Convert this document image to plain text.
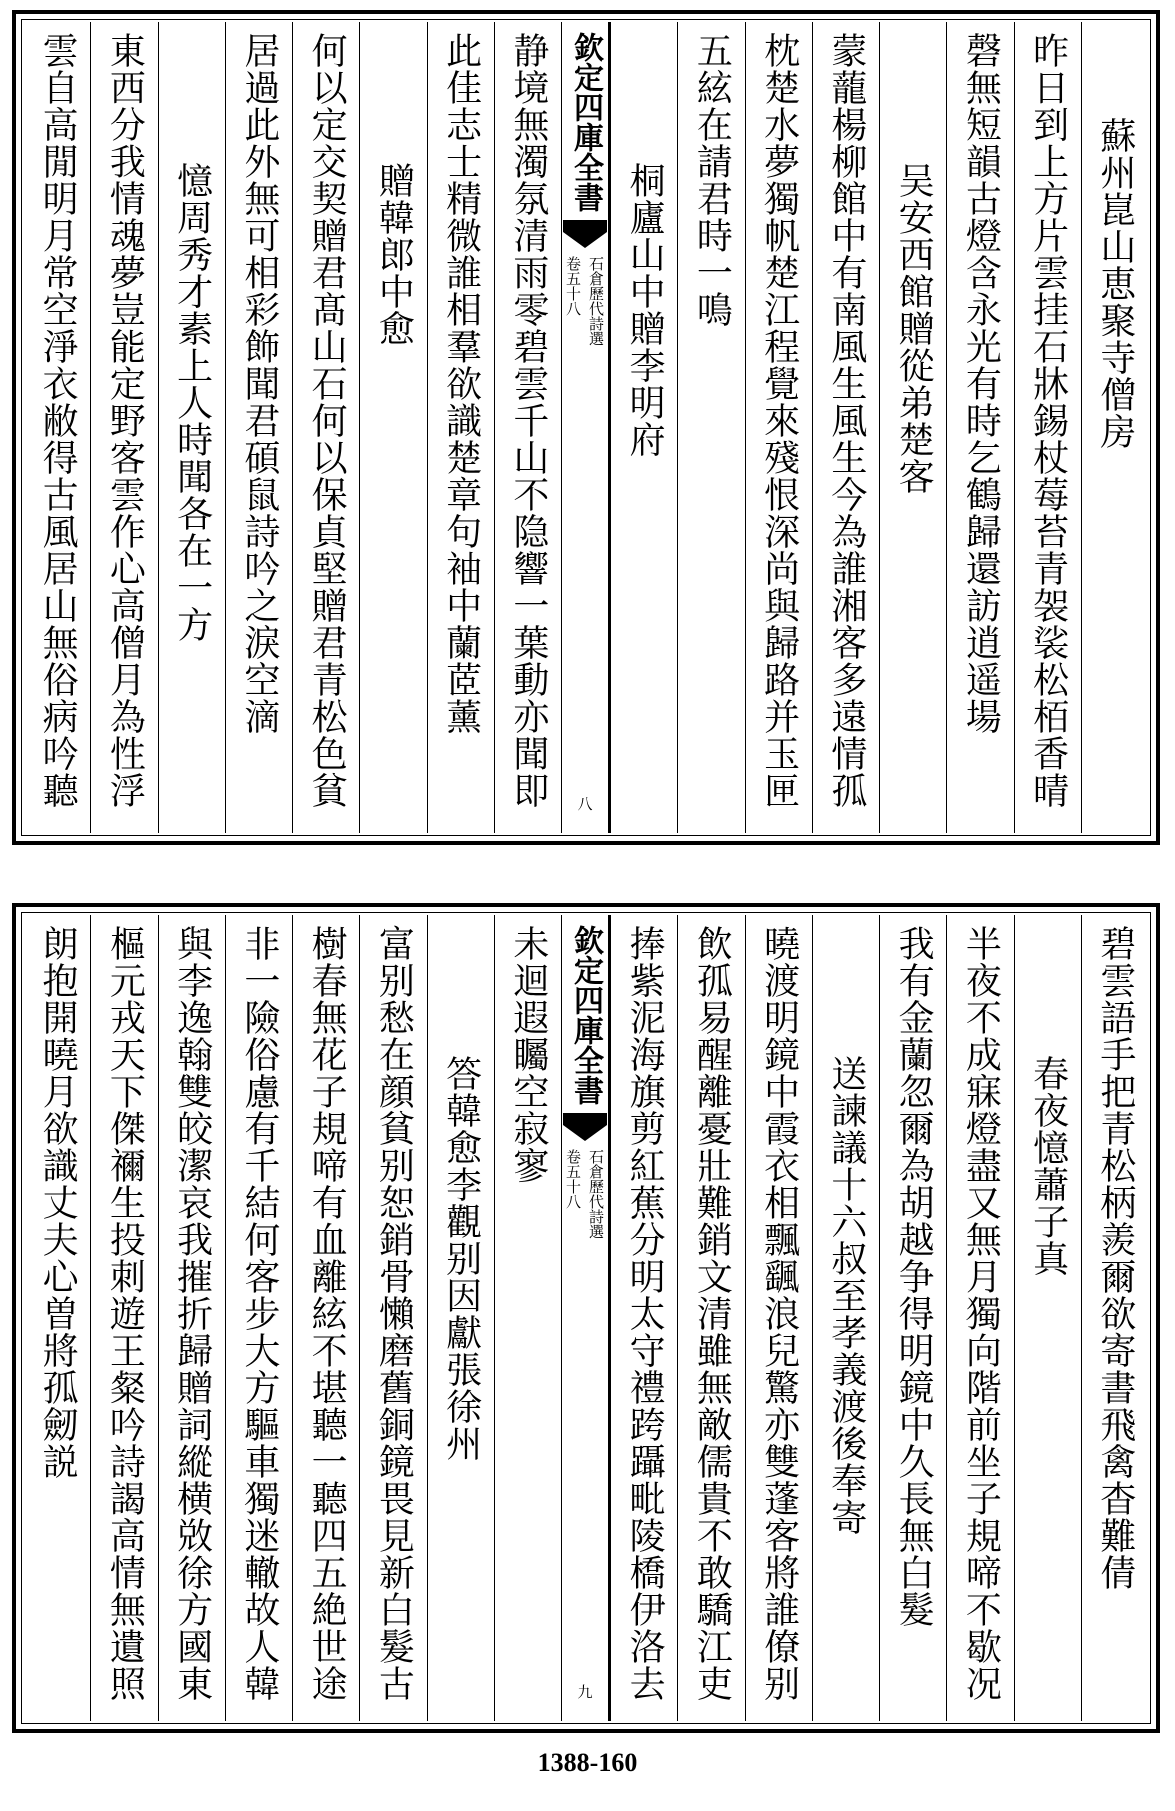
蘇州崑山恵聚寺僧房
昨日到上方片雲挂石牀錫杖莓苔青袈裟松栢香晴
磬無短韻古燈含永光有時乞鶴歸還訪逍遥場
吴安西館贈從弟楚客
蒙蘢楊柳館中有南風生風生今為誰湘客多遠情孤
枕楚水夢獨帆楚江程覺來殘恨深尚與歸路并玉匣
五絃在請君時一鳴
桐廬山中贈李明府
欽定四庫全書
石倉歷代詩選
卷五十八
八
静境無濁氛清雨零碧雲千山不隐響一葉動亦聞即
此佳志士精微誰相羣欲識楚章句袖中蘭茝薰
贈韓郎中愈
何以定交契贈君髙山石何以保貞堅贈君青松色貧
居過此外無可相彩飾聞君碩鼠詩吟之淚空滴
憶周秀才素上人時聞各在一方
東西分我情魂夢豈能定野客雲作心高僧月為性浮
雲自高閒明月常空淨衣敝得古風居山無俗病吟聽
碧雲語手把青松柄羨爾欲寄書飛禽杳難倩
春夜憶蕭子真
半夜不成寐燈盡又無月獨向階前坐子規啼不歇况
我有金蘭忽爾為胡越争得明鏡中久長無白髮
送諫議十六叔至孝義渡後奉寄
曉渡明鏡中霞衣相飄颻浪兒驚亦雙蓬客將誰僚别
飲孤易醒離憂壯難銷文清雖無敵儒貴不敢驕江吏
捧紫泥海旗剪紅蕉分明太守禮跨躡毗陵橋伊洛去
欽定四庫全書
石倉歷代詩選
卷五十八
九
未迴遐矚空寂寥
答韓愈李觀别因獻張徐州
富别愁在顔貧别恕銷骨懶磨舊銅鏡畏見新白髮古
樹春無花子規啼有血離絃不堪聽一聽四五絶世途
非一險俗慮有千結何客步大方驅車獨迷轍故人韓
與李逸翰雙皎潔哀我摧折歸贈詞縱横敚徐方國東
樞元戎天下傑禰生投刺遊王粲吟詩謁高情無遺照
朗抱開曉月欲識丈夫心曽將孤劒説
1388-160
